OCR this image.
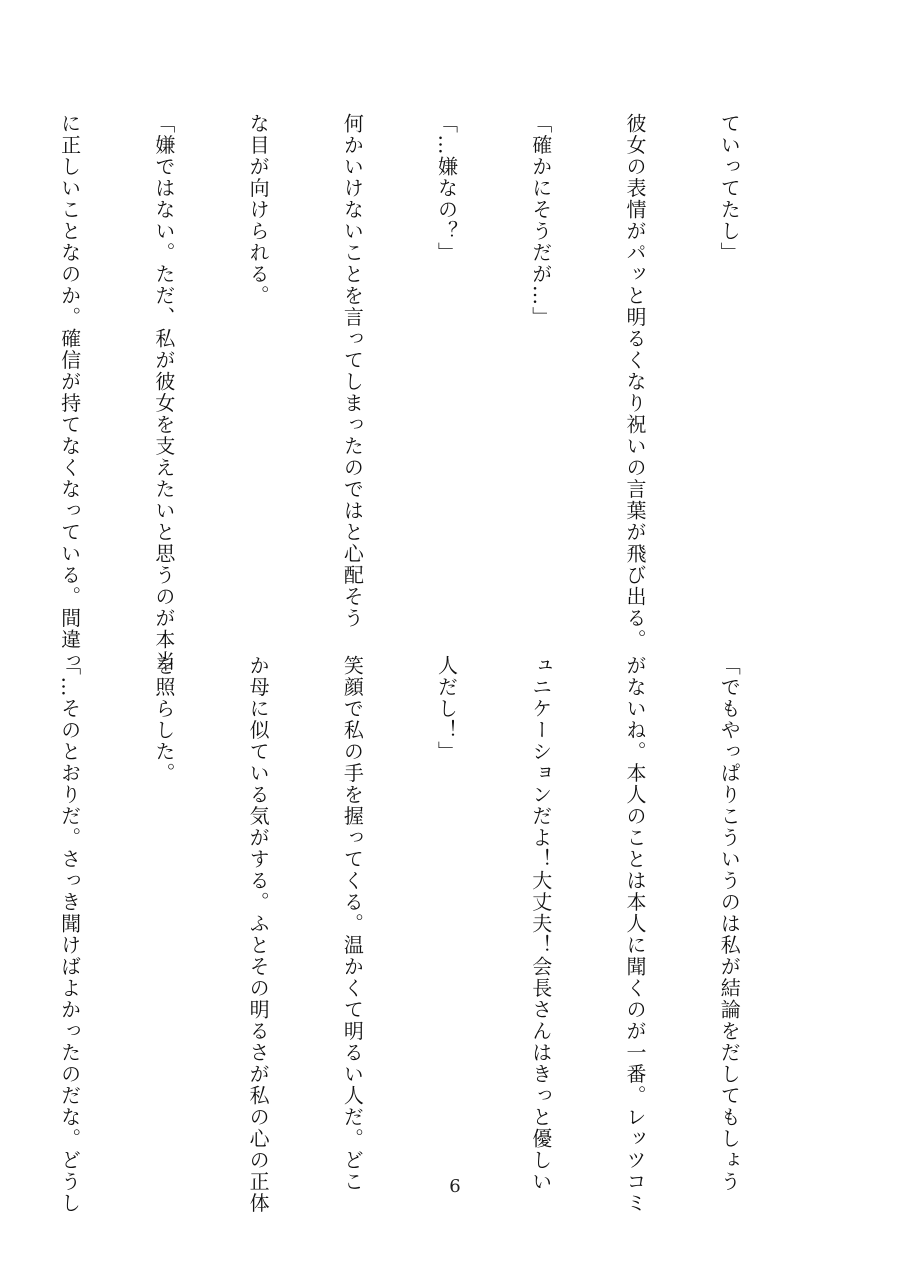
ていってたし」

彼女の表情がパッと明るくなり祝いの言葉が飛び出る。

「確かにそうだが…」

「…嫌なの？」

何かいけないことを言ってしまったのではと心配そう

な目が向けられる。

「嫌ではない。ただ、私が彼女を支えたいと思うのが本当

に正しいことなのか。確信が持てなくなっている。間違っ

「でもやっぱりこういうのは私が結論をだしてもしょう

がないね。本人のことは本人に聞くのが一番。レッツコミ

ュニケーションだよ！大丈夫！会長さんはきっと優しい

人だし！」

笑顔で私の手を握ってくる。温かくて明るい人だ。どこ

か母に似ている気がする。ふとその明るさが私の心の正体

を照らした。

「…そのとおりだ。さっき聞けばよかったのだな。どうし

	6
